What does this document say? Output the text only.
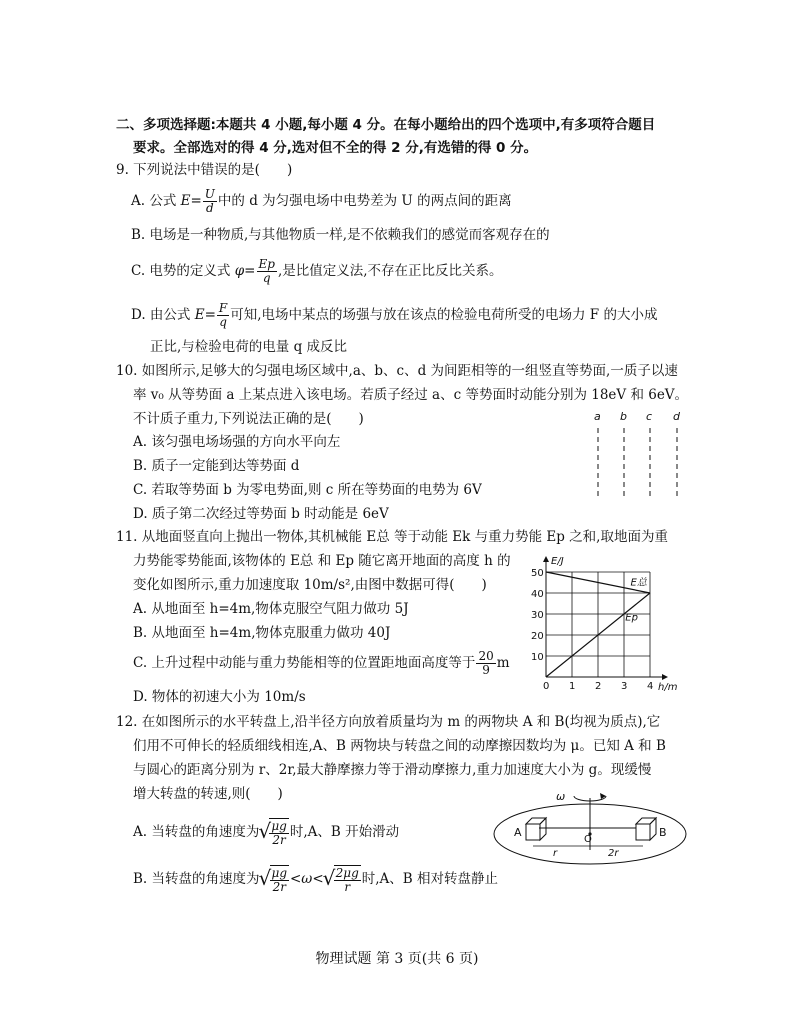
二、多项选择题:本题共 4 小题,每小题 4 分。在每小题给出的四个选项中,有多项符合题目
要求。全部选对的得 4 分,选对但不全的得 2 分,有选错的得 0 分。
9. 下列说法中错误的是(　　)
A. 公式 $E= \frac{U}{d}$ 中的 d 为匀强电场中电势差为 U 的两点间的距离
B. 电场是一种物质,与其他物质一样,是不依赖我们的感觉而客观存在的
C. 电势的定义式 $\varphi= \frac{Ep}{q}$ ,是比值定义法,不存在正比反比关系。
D. 由公式 $E= \frac{F}{q}$ 可知,电场中某点的场强与放在该点的检验电荷所受的电场力 F 的大小成
正比,与检验电荷的电量 q 成反比
10. 如图所示,足够大的匀强电场区域中,a、b、c、d 为间距相等的一组竖直等势面,一质子以速
率 v₀ 从等势面 a 上某点进入该电场。若质子经过 a、c 等势面时动能分别为 18eV 和 6eV。
不计质子重力,下列说法正确的是(　　)
A. 该匀强电场场强的方向水平向左
B. 质子一定能到达等势面 d
C. 若取等势面 b 为零电势面,则 c 所在等势面的电势为 6V
D. 质子第二次经过等势面 b 时动能是 6eV
a b c d
11. 从地面竖直向上抛出一物体,其机械能 E总 等于动能 Ek 与重力势能 Ep 之和,取地面为重
力势能零势能面,该物体的 E总 和 Ep 随它离开地面的高度 h 的
变化如图所示,重力加速度取 10m/s²,由图中数据可得(　　)
A. 从地面至 h=4m,物体克服空气阻力做功 5J
B. 从地面至 h=4m,物体克服重力做功 40J
C. 上升过程中动能与重力势能相等的位置距地面高度等于 $\frac{20}{9}$ m
D. 物体的初速大小为 10m/s
0 1 2 3 4
10
20
30
40
50
E/J
h/m
E总
Ep
12. 在如图所示的水平转盘上,沿半径方向放着质量均为 m 的两物块 A 和 B(均视为质点),它
们用不可伸长的轻质细线相连,A、B 两物块与转盘之间的动摩擦因数均为 μ。已知 A 和 B
与圆心的距离分别为 r、2r,最大静摩擦力等于滑动摩擦力,重力加速度大小为 g。现缓慢
增大转盘的转速,则(　　)
A. 当转盘的角速度为 √ $\frac{\mu g}{2r}$ 时,A、B 开始滑动
B. 当转盘的角速度为 √ $\frac{\mu g}{2r} <\omega<$ √ $\frac{2\mu g}{r}$ 时,A、B 相对转盘静止
ω
A	B
O
r	2r
物理试题 第 3 页(共 6 页)
